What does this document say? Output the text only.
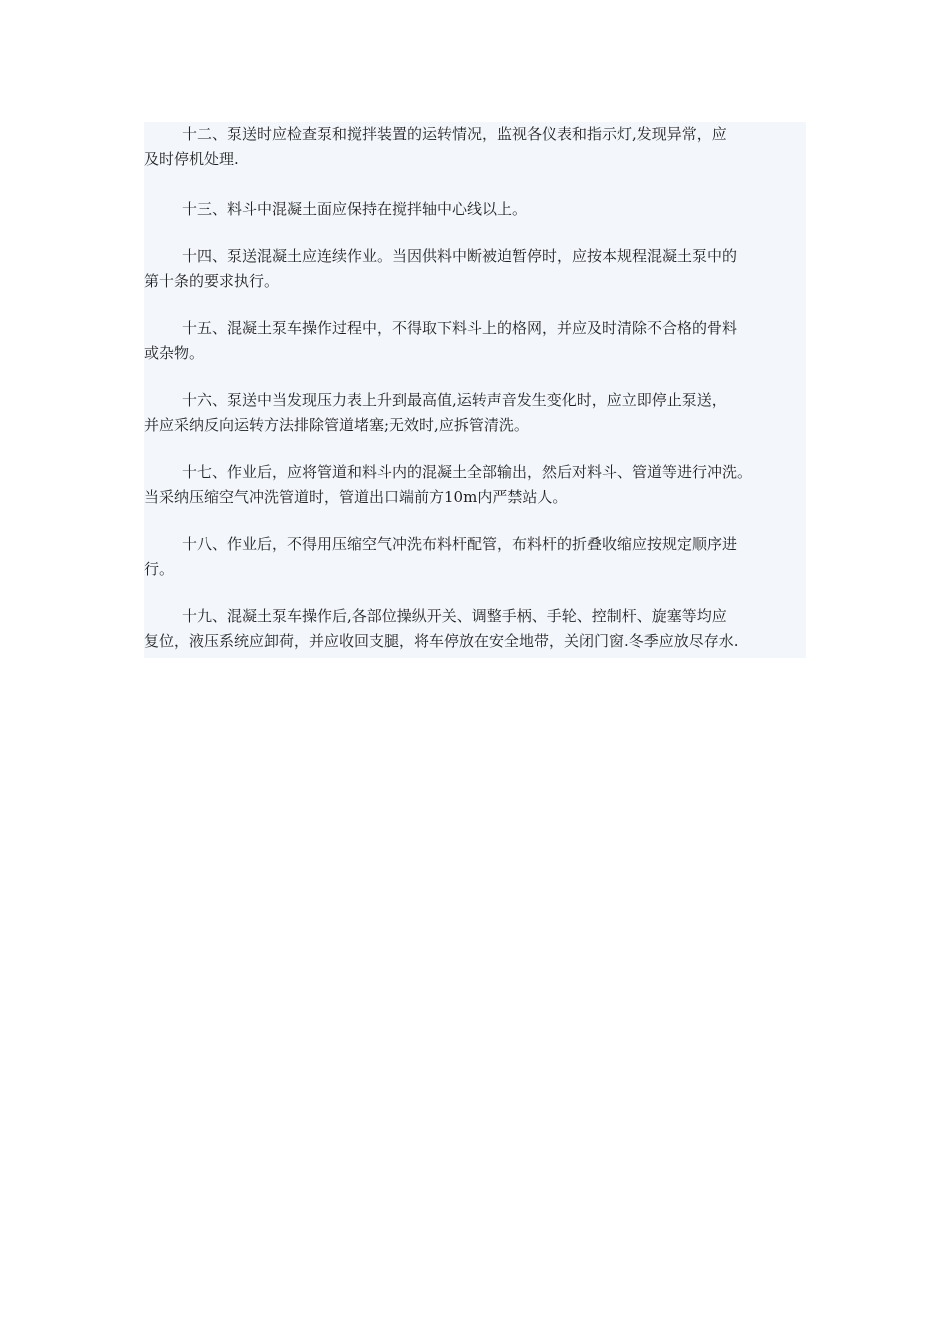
十二、泵送时应检查泵和搅拌装置的运转情况，监视各仪表和指示灯,发现异常，应
及时停机处理.

十三、料斗中混凝土面应保持在搅拌轴中心线以上。

十四、泵送混凝土应连续作业。当因供料中断被迫暂停时，应按本规程混凝土泵中的
第十条的要求执行。

十五、混凝土泵车操作过程中，不得取下料斗上的格网，并应及时清除不合格的骨料
或杂物。

十六、泵送中当发现压力表上升到最高值,运转声音发生变化时，应立即停止泵送，
并应采纳反向运转方法排除管道堵塞;无效时,应拆管清洗。

十七、作业后，应将管道和料斗内的混凝土全部输出，然后对料斗、管道等进行冲洗。
当采纳压缩空气冲洗管道时，管道出口端前方10m内严禁站人。

十八、作业后，不得用压缩空气冲洗布料杆配管，布料杆的折叠收缩应按规定顺序进
行。

十九、混凝土泵车操作后,各部位操纵开关、调整手柄、手轮、控制杆、旋塞等均应
复位，液压系统应卸荷，并应收回支腿，将车停放在安全地带，关闭门窗.冬季应放尽存水.
